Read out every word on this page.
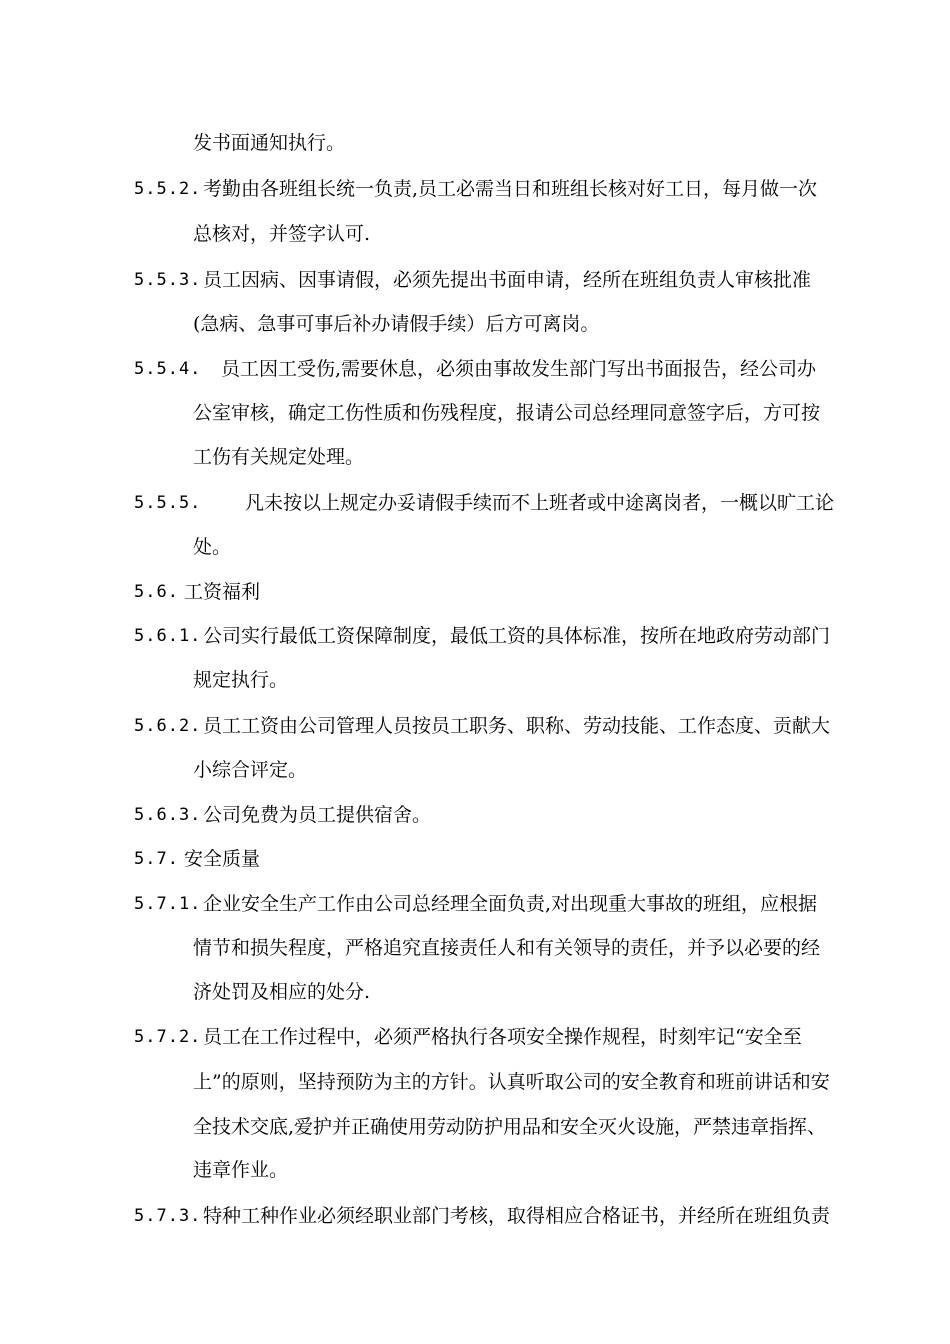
发书面通知执行。
5.5.2. 考勤由各班组长统一负责,员工必需当日和班组长核对好工日，每月做一次
总核对，并签字认可.
5.5.3. 员工因病、因事请假，必须先提出书面申请，经所在班组负责人审核批准
(急病、急事可事后补办请假手续）后方可离岗。
5.5.4. 员工因工受伤,需要休息，必须由事故发生部门写出书面报告，经公司办
公室审核，确定工伤性质和伤残程度，报请公司总经理同意签字后，方可按
工伤有关规定处理。
5.5.5. 凡未按以上规定办妥请假手续而不上班者或中途离岗者，一概以旷工论
处。
5.6. 工资福利
5.6.1. 公司实行最低工资保障制度，最低工资的具体标准，按所在地政府劳动部门
规定执行。
5.6.2. 员工工资由公司管理人员按员工职务、职称、劳动技能、工作态度、贡献大
小综合评定。
5.6.3. 公司免费为员工提供宿舍。
5.7. 安全质量
5.7.1. 企业安全生产工作由公司总经理全面负责,对出现重大事故的班组，应根据
情节和损失程度，严格追究直接责任人和有关领导的责任，并予以必要的经
济处罚及相应的处分.
5.7.2. 员工在工作过程中，必须严格执行各项安全操作规程，时刻牢记“安全至
上”的原则，坚持预防为主的方针。认真听取公司的安全教育和班前讲话和安
全技术交底,爱护并正确使用劳动防护用品和安全灭火设施，严禁违章指挥、
违章作业。
5.7.3. 特种工种作业必须经职业部门考核，取得相应合格证书，并经所在班组负责
